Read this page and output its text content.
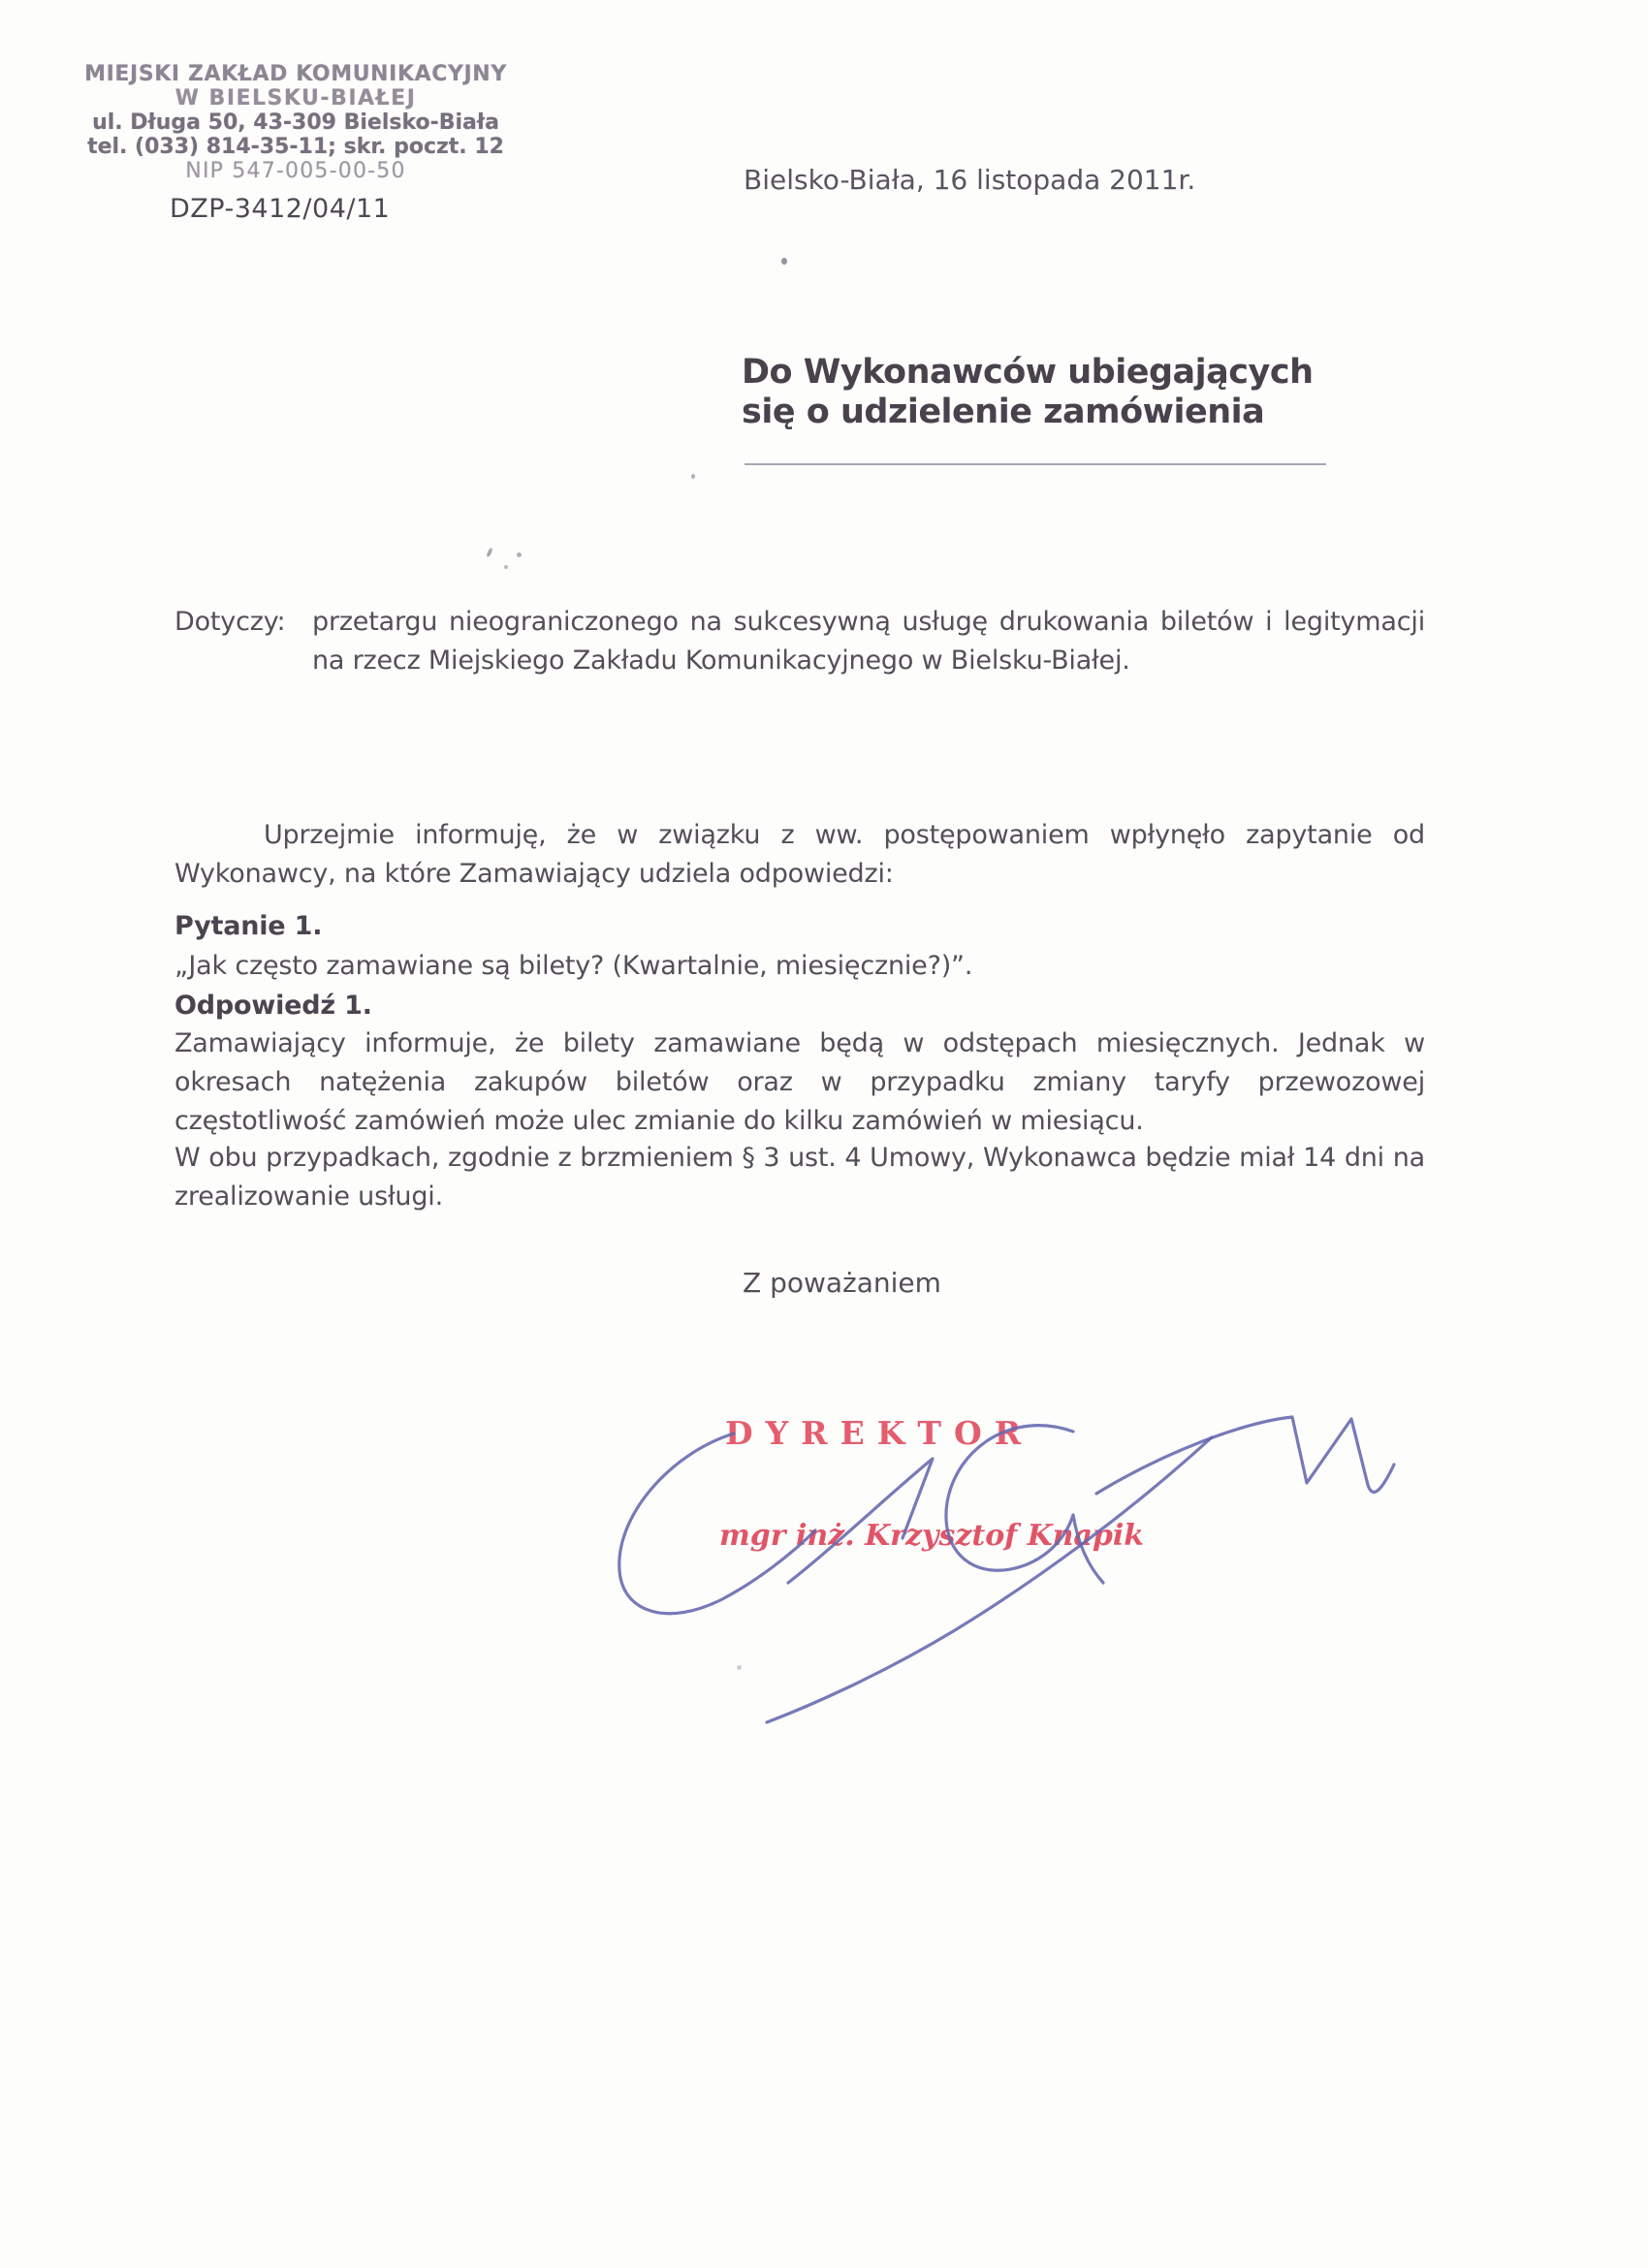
MIEJSKI ZAKŁAD KOMUNIKACYJNY
W BIELSKU-BIAŁEJ
ul. Długa 50, 43-309 Bielsko-Biała
tel. (033) 814-35-11; skr. poczt. 12
NIP 547-005-00-50
DZP-3412/04/11
Bielsko-Biała, 16 listopada 2011r.
Do Wykonawców ubiegających
się o udzielenie zamówienia
Dotyczy: przetargu nieograniczonego na sukcesywną usługę drukowania biletów i legitymacji na rzecz Miejskiego Zakładu Komunikacyjnego w Bielsku-Białej.
Uprzejmie informuję, że w związku z ww. postępowaniem wpłynęło zapytanie od Wykonawcy, na które Zamawiający udziela odpowiedzi:
Pytanie 1.
„Jak często zamawiane są bilety? (Kwartalnie, miesięcznie?)”.
Odpowiedź 1.
Zamawiający informuje, że bilety zamawiane będą w odstępach miesięcznych. Jednak w okresach natężenia zakupów biletów oraz w przypadku zmiany taryfy przewozowej częstotliwość zamówień może ulec zmianie do kilku zamówień w miesiącu.
W obu przypadkach, zgodnie z brzmieniem § 3 ust. 4 Umowy, Wykonawca będzie miał 14 dni na zrealizowanie usługi.
Z poważaniem
DYREKTOR
mgr inż. Krzysztof Knapik
